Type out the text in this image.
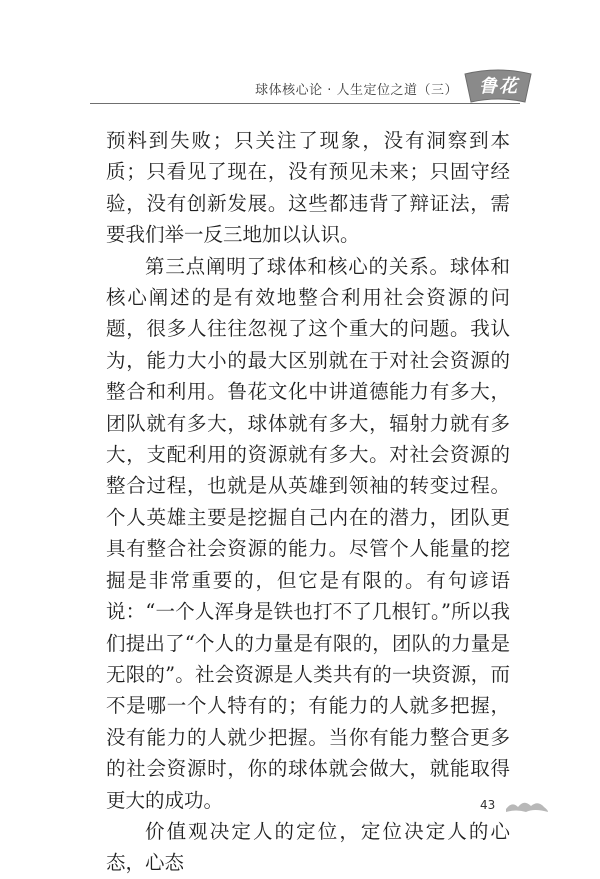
球体核心论 · 人生定位之道（三） 鲁花

预料到失败；只关注了现象，没有洞察到本质；只看见了现在，没有预见未来；只固守经验，没有创新发展。这些都违背了辩证法，需要我们举一反三地加以认识。

第三点阐明了球体和核心的关系。球体和核心阐述的是有效地整合利用社会资源的问题，很多人往往忽视了这个重大的问题。我认为，能力大小的最大区别就在于对社会资源的整合和利用。鲁花文化中讲道德能力有多大，团队就有多大，球体就有多大，辐射力就有多大，支配利用的资源就有多大。对社会资源的整合过程，也就是从英雄到领袖的转变过程。个人英雄主要是挖掘自己内在的潜力，团队更具有整合社会资源的能力。尽管个人能量的挖掘是非常重要的，但它是有限的。有句谚语说：“一个人浑身是铁也打不了几根钉。”所以我们提出了“个人的力量是有限的，团队的力量是无限的”。社会资源是人类共有的一块资源，而不是哪一个人特有的；有能力的人就多把握，没有能力的人就少把握。当你有能力整合更多的社会资源时，你的球体就会做大，就能取得更大的成功。

价值观决定人的定位，定位决定人的心态，心态

43
